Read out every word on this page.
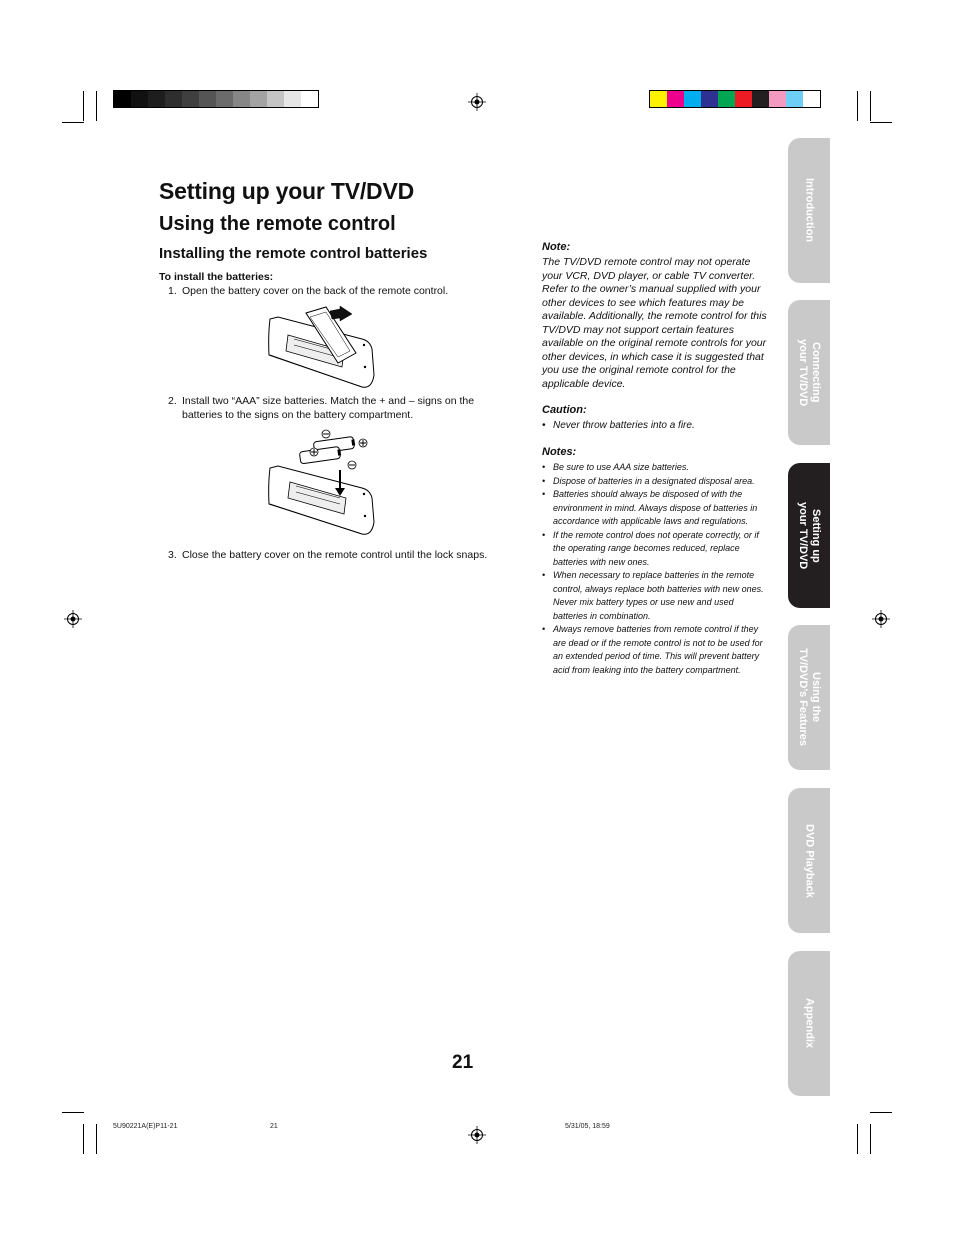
Setting up your TV/DVD
Using the remote control
Installing the remote control batteries
To install the batteries:
1. Open the battery cover on the back of the remote control.
2. Install two “AAA” size batteries. Match the + and – signs on the batteries to the signs on the battery compartment.
3. Close the battery cover on the remote control until the lock snaps.

Note:

The TV/DVD remote control may not operate your VCR, DVD player, or cable TV converter. Refer to the owner’s manual supplied with your other devices to see which features may be available. Additionally, the remote control for this TV/DVD may not support certain features available on the original remote controls for your other devices, in which case it is suggested that you use the original remote control for the applicable device.

Caution:

• Never throw batteries into a fire.

Notes:

• Be sure to use AAA size batteries.
• Dispose of batteries in a designated disposal area.
• Batteries should always be disposed of with the environment in mind. Always dispose of batteries in accordance with applicable laws and regulations.
• If the remote control does not operate correctly, or if the operating range becomes reduced, replace batteries with new ones.
• When necessary to replace batteries in the remote control, always replace both batteries with new ones. Never mix battery types or use new and used batteries in combination.
• Always remove batteries from remote control if they are dead or if the remote control is not to be used for an extended period of time. This will prevent battery acid from leaking into the battery compartment.
Introduction
Connecting
your TV/DVD
Setting up
your TV/DVD
Using the
TV/DVD’s Features
DVD Playback
Appendix
21
5U90221A(E)P11-21	21	5/31/05, 18:59
